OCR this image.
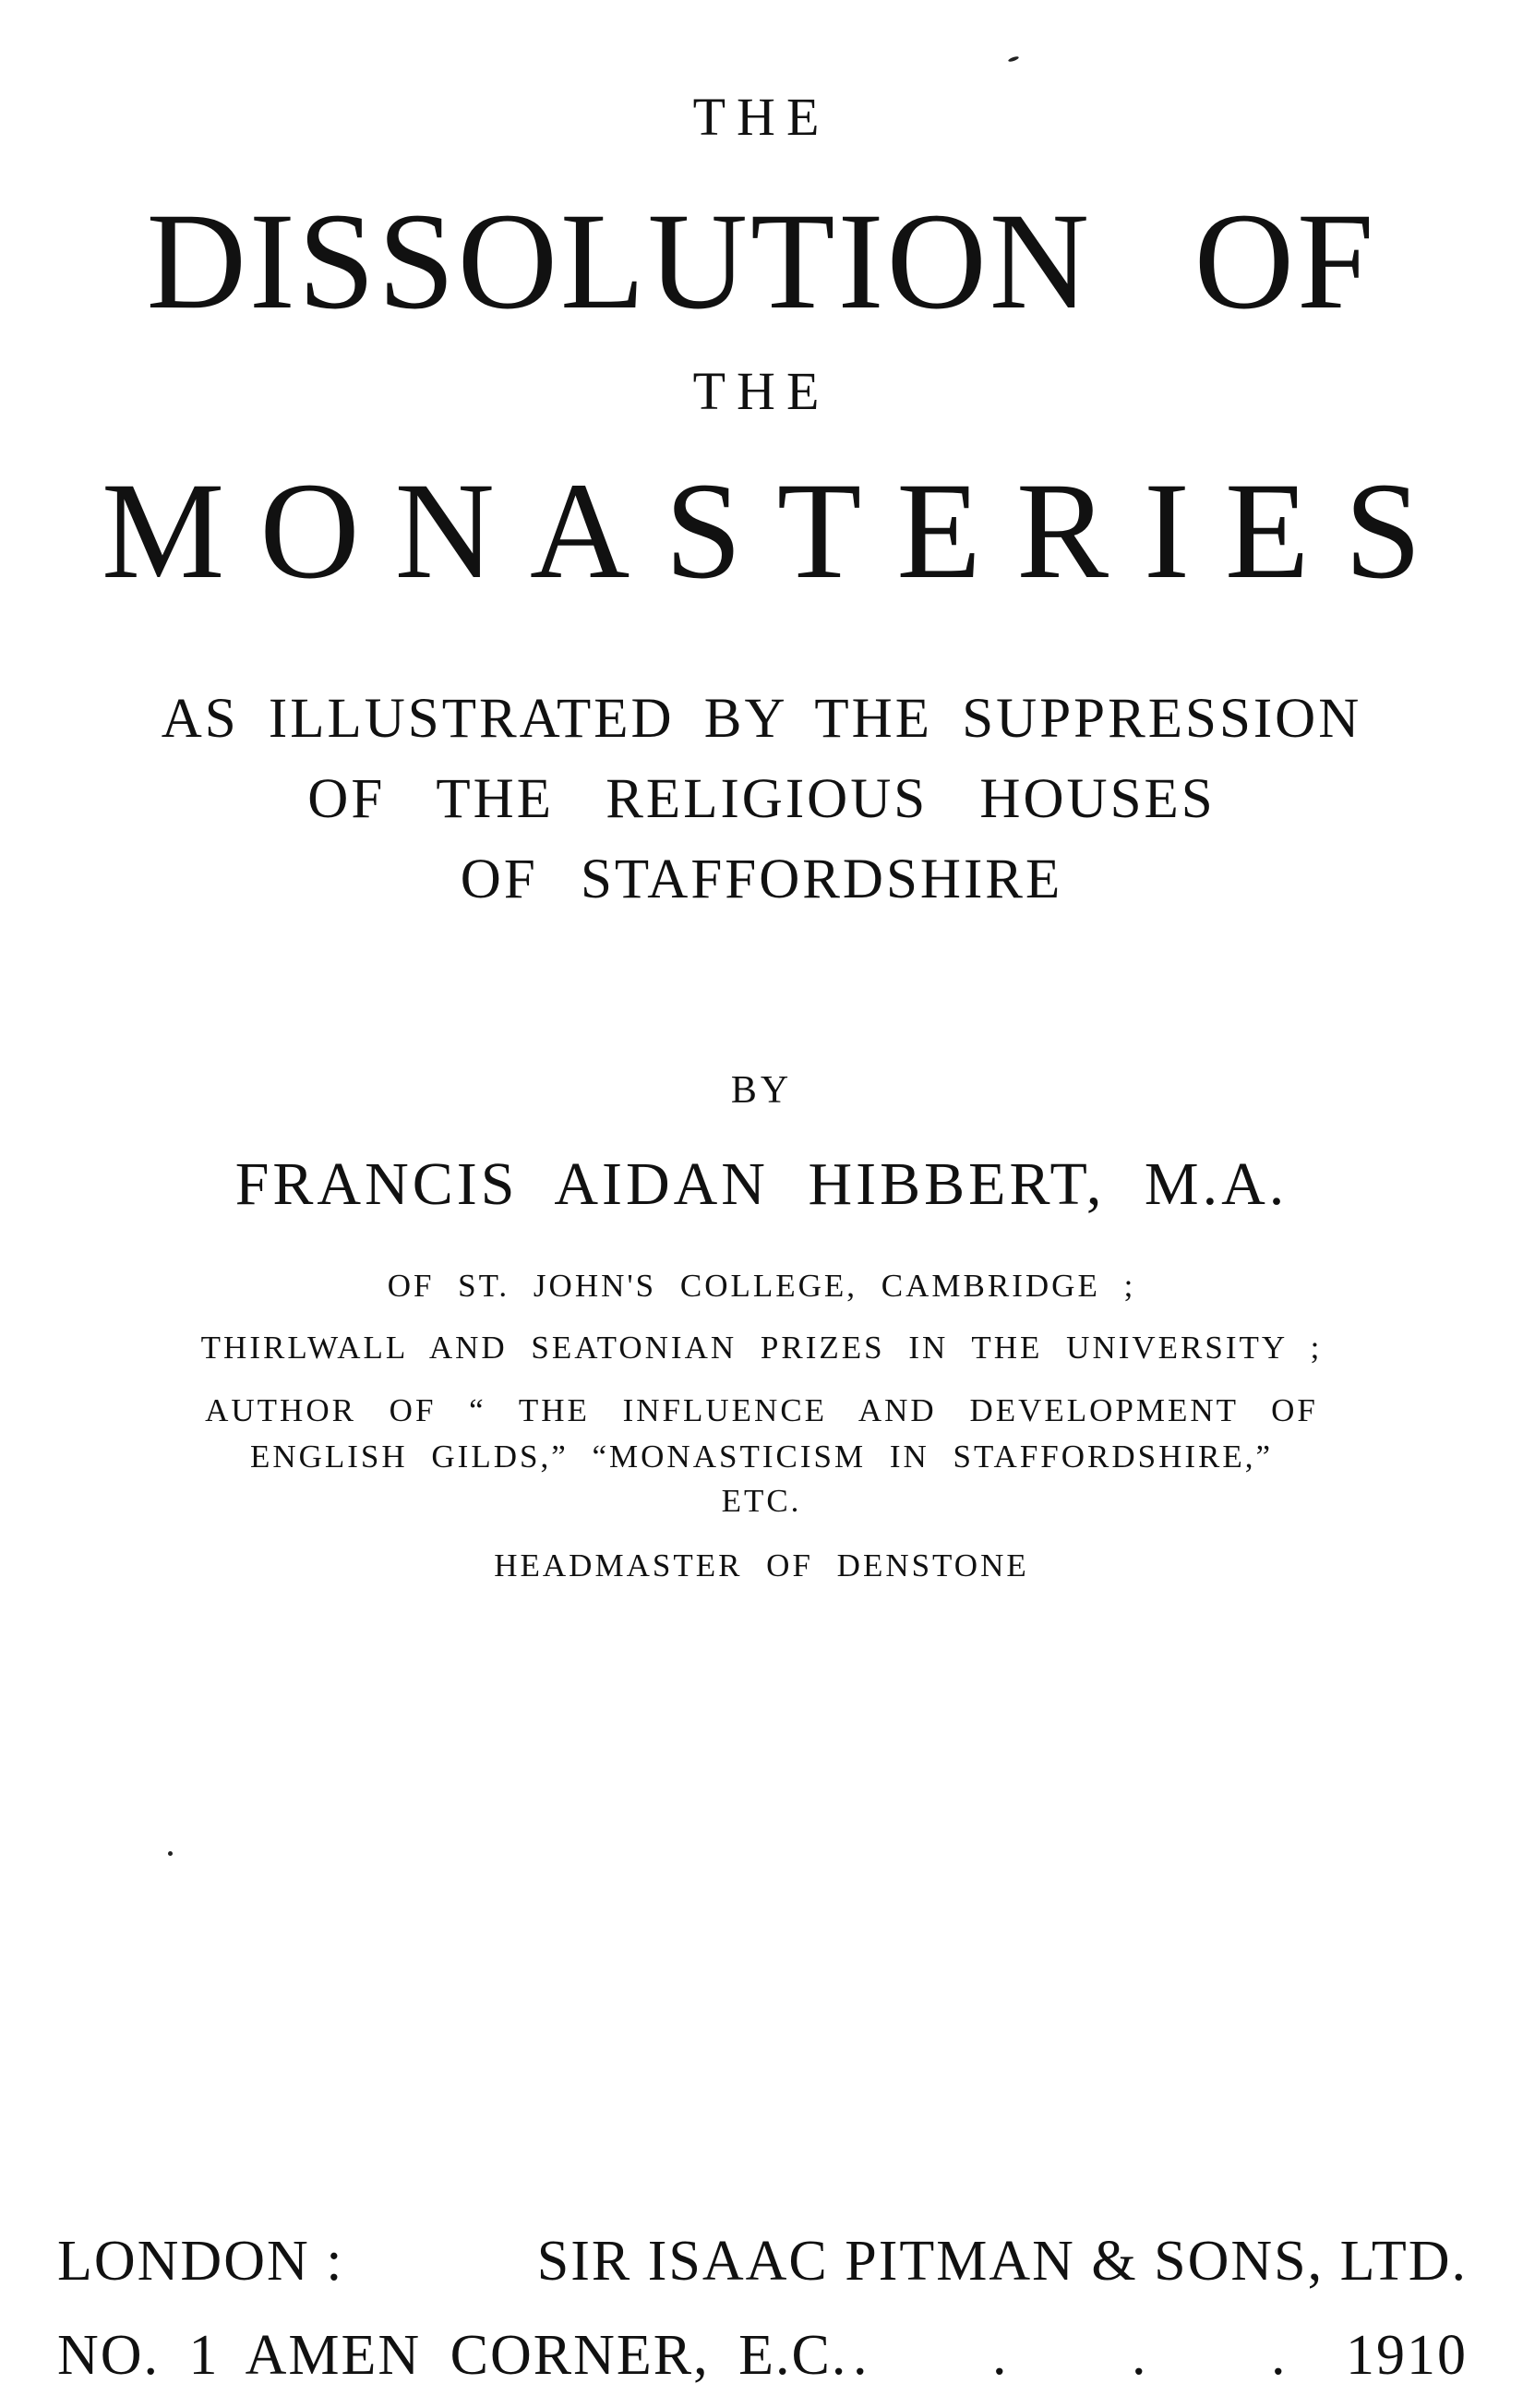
THE
DISSOLUTION OF
THE
MONASTERIES
AS ILLUSTRATED BY THE SUPPRESSION
OF THE RELIGIOUS HOUSES
OF STAFFORDSHIRE
BY
FRANCIS AIDAN HIBBERT, M.A.
OF ST. JOHN'S COLLEGE, CAMBRIDGE ;
THIRLWALL AND SEATONIAN PRIZES IN THE UNIVERSITY ;
AUTHOR OF “ THE INFLUENCE AND DEVELOPMENT OF
ENGLISH GILDS,” “MONASTICISM IN STAFFORDSHIRE,”
ETC.
HEADMASTER OF DENSTONE
LONDON :	SIR ISAAC PITMAN & SONS, LTD.
NO. 1 AMEN CORNER, E.C. . . . . 1910
